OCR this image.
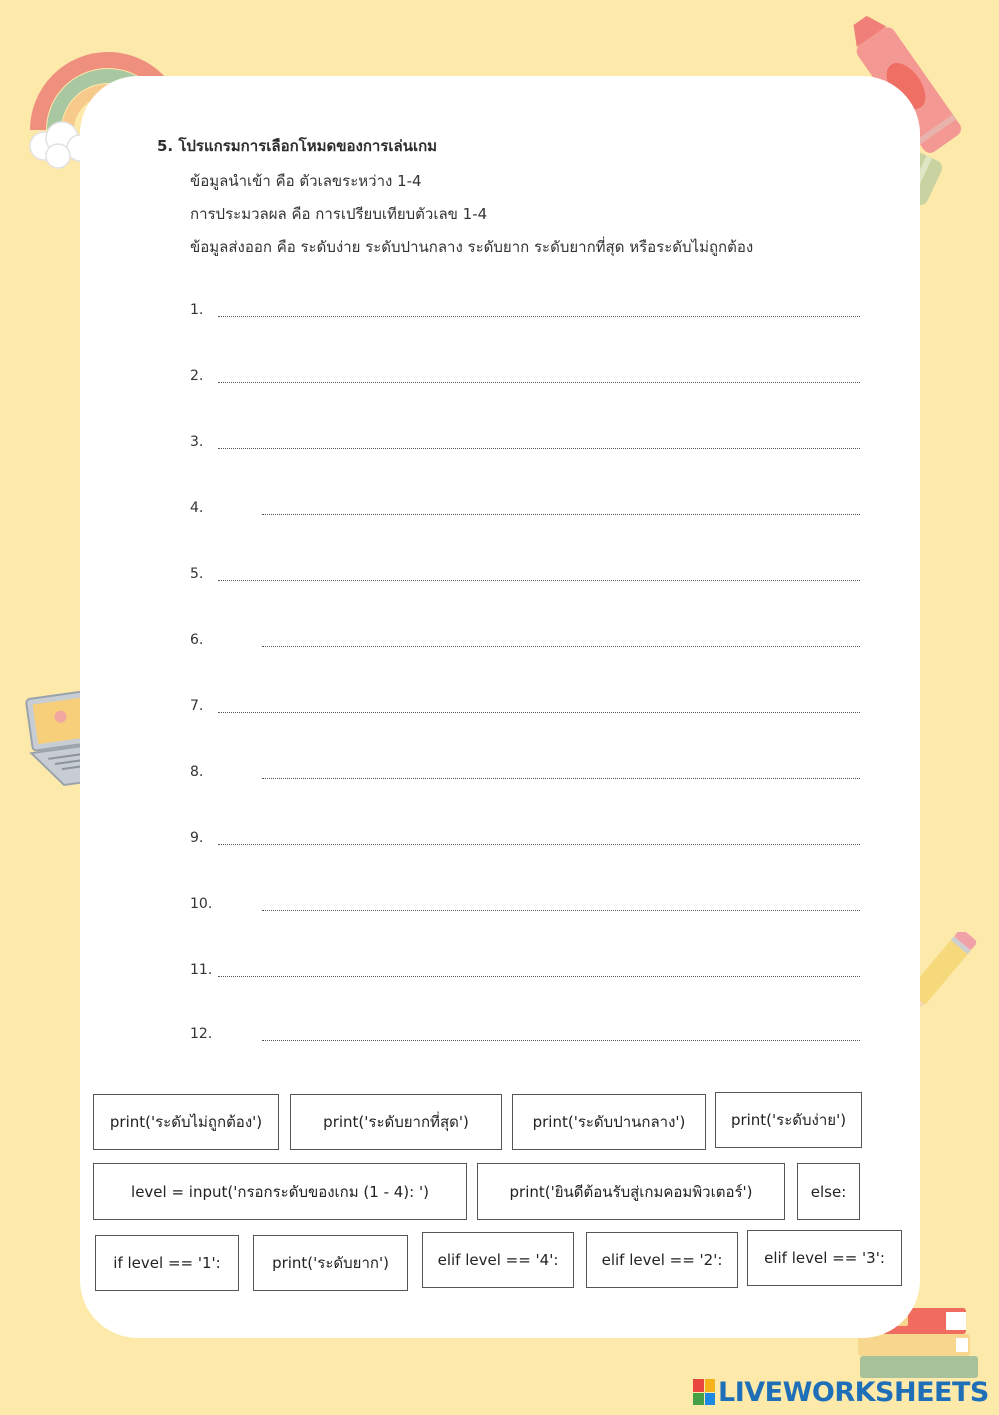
5. โปรแกรมการเลือกโหมดของการเล่นเกม
ข้อมูลนำเข้า คือ ตัวเลขระหว่าง 1-4
การประมวลผล คือ การเปรียบเทียบตัวเลข 1-4
ข้อมูลส่งออก คือ ระดับง่าย ระดับปานกลาง ระดับยาก ระดับยากที่สุด หรือระดับไม่ถูกต้อง
1.
2.
3.
4.
5.
6.
7.
8.
9.
10.
11.
12.
print('ระดับไม่ถูกต้อง')	print('ระดับยากที่สุด')	print('ระดับปานกลาง')	print('ระดับง่าย')
level = input('กรอกระดับของเกม (1 - 4): ')	print('ยินดีต้อนรับสู่เกมคอมพิวเตอร์')	else:
if level == '1':	print('ระดับยาก')	elif level == '4':	elif level == '2':	elif level == '3':
LIVEWORKSHEETS
